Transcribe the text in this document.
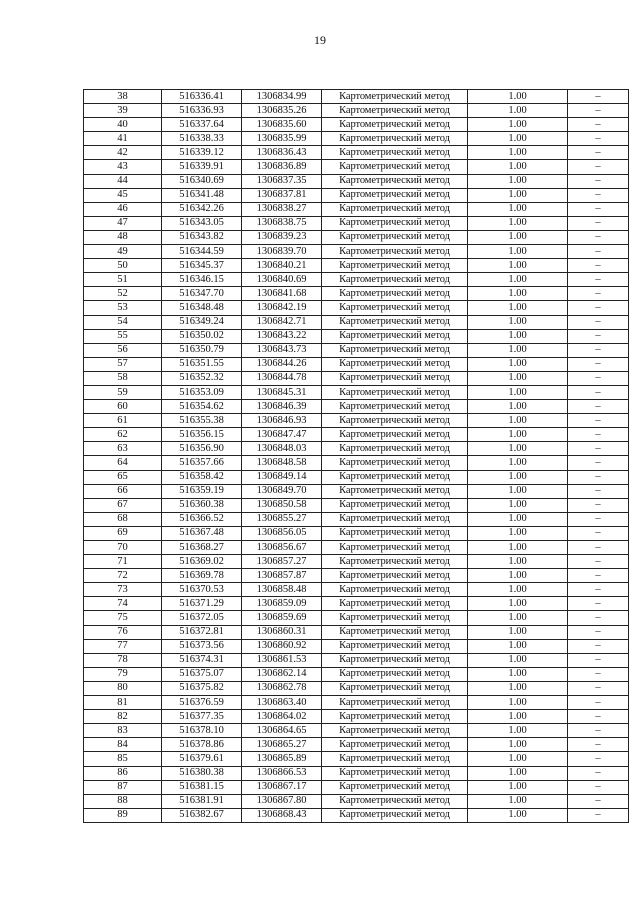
19
38	516336.41	1306834.99	Картометрический метод	1.00	–
39	516336.93	1306835.26	Картометрический метод	1.00	–
40	516337.64	1306835.60	Картометрический метод	1.00	–
41	516338.33	1306835.99	Картометрический метод	1.00	–
42	516339.12	1306836.43	Картометрический метод	1.00	–
43	516339.91	1306836.89	Картометрический метод	1.00	–
44	516340.69	1306837.35	Картометрический метод	1.00	–
45	516341.48	1306837.81	Картометрический метод	1.00	–
46	516342.26	1306838.27	Картометрический метод	1.00	–
47	516343.05	1306838.75	Картометрический метод	1.00	–
48	516343.82	1306839.23	Картометрический метод	1.00	–
49	516344.59	1306839.70	Картометрический метод	1.00	–
50	516345.37	1306840.21	Картометрический метод	1.00	–
51	516346.15	1306840.69	Картометрический метод	1.00	–
52	516347.70	1306841.68	Картометрический метод	1.00	–
53	516348.48	1306842.19	Картометрический метод	1.00	–
54	516349.24	1306842.71	Картометрический метод	1.00	–
55	516350.02	1306843.22	Картометрический метод	1.00	–
56	516350.79	1306843.73	Картометрический метод	1.00	–
57	516351.55	1306844.26	Картометрический метод	1.00	–
58	516352.32	1306844.78	Картометрический метод	1.00	–
59	516353.09	1306845.31	Картометрический метод	1.00	–
60	516354.62	1306846.39	Картометрический метод	1.00	–
61	516355.38	1306846.93	Картометрический метод	1.00	–
62	516356.15	1306847.47	Картометрический метод	1.00	–
63	516356.90	1306848.03	Картометрический метод	1.00	–
64	516357.66	1306848.58	Картометрический метод	1.00	–
65	516358.42	1306849.14	Картометрический метод	1.00	–
66	516359.19	1306849.70	Картометрический метод	1.00	–
67	516360.38	1306850.58	Картометрический метод	1.00	–
68	516366.52	1306855.27	Картометрический метод	1.00	–
69	516367.48	1306856.05	Картометрический метод	1.00	–
70	516368.27	1306856.67	Картометрический метод	1.00	–
71	516369.02	1306857.27	Картометрический метод	1.00	–
72	516369.78	1306857.87	Картометрический метод	1.00	–
73	516370.53	1306858.48	Картометрический метод	1.00	–
74	516371.29	1306859.09	Картометрический метод	1.00	–
75	516372.05	1306859.69	Картометрический метод	1.00	–
76	516372.81	1306860.31	Картометрический метод	1.00	–
77	516373.56	1306860.92	Картометрический метод	1.00	–
78	516374.31	1306861.53	Картометрический метод	1.00	–
79	516375.07	1306862.14	Картометрический метод	1.00	–
80	516375.82	1306862.78	Картометрический метод	1.00	–
81	516376.59	1306863.40	Картометрический метод	1.00	–
82	516377.35	1306864.02	Картометрический метод	1.00	–
83	516378.10	1306864.65	Картометрический метод	1.00	–
84	516378.86	1306865.27	Картометрический метод	1.00	–
85	516379.61	1306865.89	Картометрический метод	1.00	–
86	516380.38	1306866.53	Картометрический метод	1.00	–
87	516381.15	1306867.17	Картометрический метод	1.00	–
88	516381.91	1306867.80	Картометрический метод	1.00	–
89	516382.67	1306868.43	Картометрический метод	1.00	–
